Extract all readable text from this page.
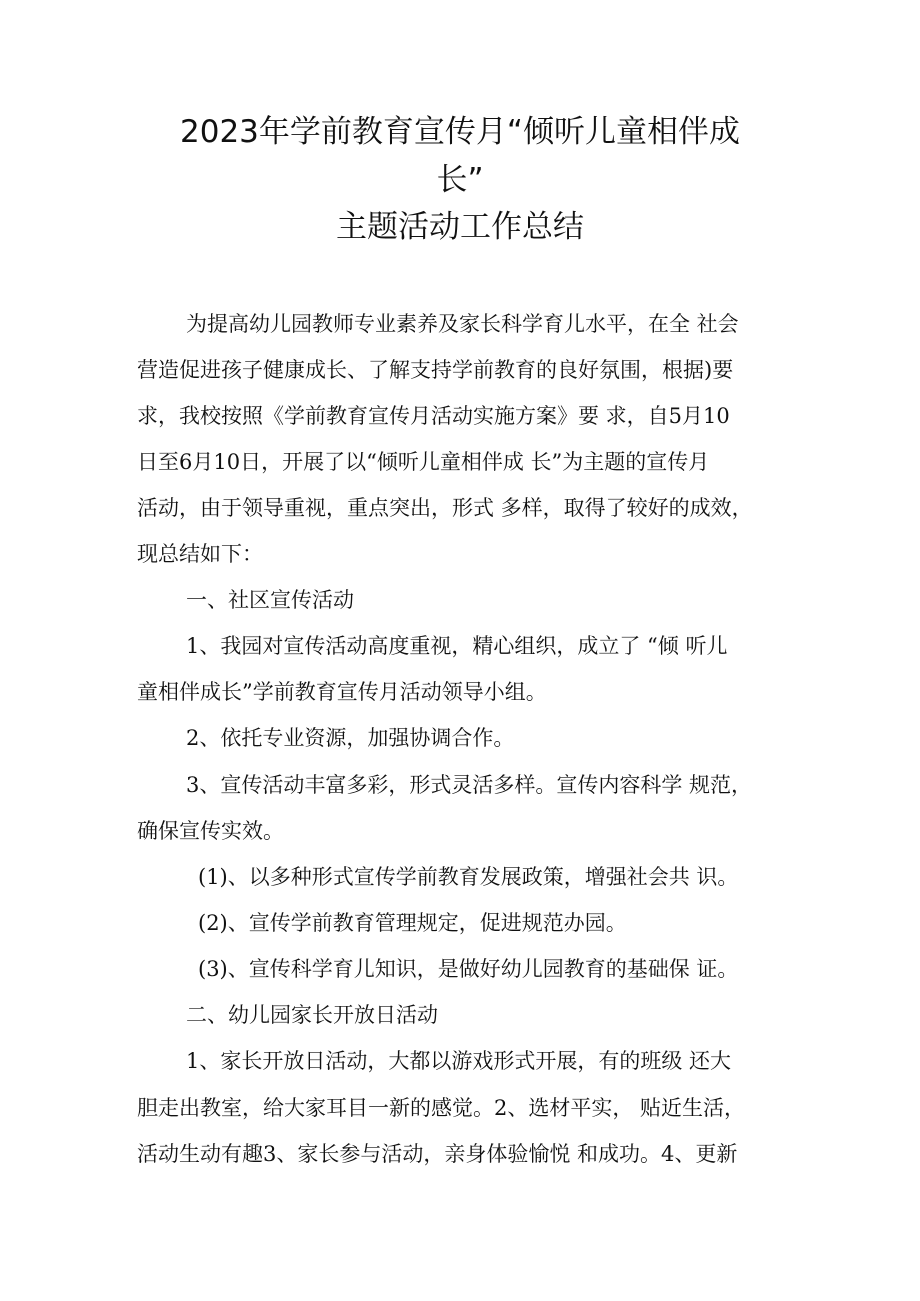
2023年学前教育宣传月“倾听儿童相伴成
长”
主题活动工作总结
为提高幼儿园教师专业素养及家长科学育儿水平，在全 社会
营造促进孩子健康成长、了解支持学前教育的良好氛围，根据)要
求，我校按照《学前教育宣传月活动实施方案》要 求，自5月10
日至6月10日，开展了以“倾听儿童相伴成 长”为主题的宣传月
活动，由于领导重视，重点突出，形式 多样，取得了较好的成效，
现总结如下：
一、社区宣传活动
1、我园对宣传活动高度重视，精心组织，成立了 “倾 听儿
童相伴成长”学前教育宣传月活动领导小组。
2、依托专业资源，加强协调合作。
3、宣传活动丰富多彩，形式灵活多样。宣传内容科学 规范，
确保宣传实效。
(1)、以多种形式宣传学前教育发展政策，增强社会共 识。
(2)、宣传学前教育管理规定，促进规范办园。
(3)、宣传科学育儿知识，是做好幼儿园教育的基础保 证。
二、幼儿园家长开放日活动
1、家长开放日活动，大都以游戏形式开展，有的班级 还大
胆走出教室，给大家耳目一新的感觉。2、选材平实， 贴近生活，
活动生动有趣3、家长参与活动，亲身体验愉悦 和成功。4、更新
